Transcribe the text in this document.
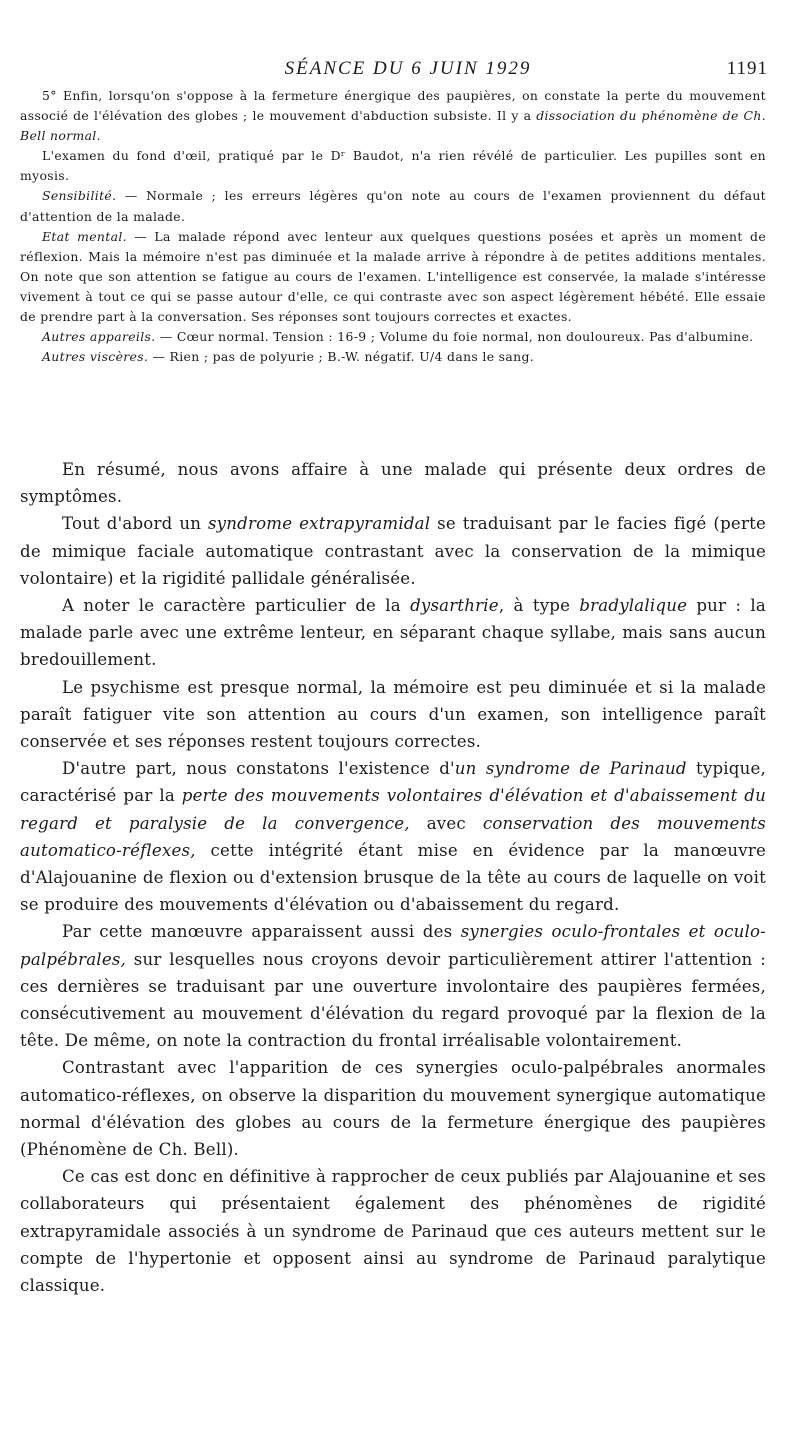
SÉANCE DU 6 JUIN 1929	1191

5° Enfin, lorsqu'on s'oppose à la fermeture énergique des paupières, on constate la perte du mouvement associé de l'élévation des globes ; le mouvement d'abduction subsiste. Il y a dissociation du phénomène de Ch. Bell normal.

L'examen du fond d'œil, pratiqué par le Dʳ Baudot, n'a rien révélé de particulier. Les pupilles sont en myosis.

Sensibilité. — Normale ; les erreurs légères qu'on note au cours de l'examen proviennent du défaut d'attention de la malade.

Etat mental. — La malade répond avec lenteur aux quelques questions posées et après un moment de réflexion. Mais la mémoire n'est pas diminuée et la malade arrive à répondre à de petites additions mentales. On note que son attention se fatigue au cours de l'examen. L'intelligence est conservée, la malade s'intéresse vivement à tout ce qui se passe autour d'elle, ce qui contraste avec son aspect légèrement hébété. Elle essaie de prendre part à la conversation. Ses réponses sont toujours correctes et exactes.

Autres appareils. — Cœur normal. Tension : 16-9 ; Volume du foie normal, non douloureux. Pas d'albumine.

Autres viscères. — Rien ; pas de polyurie ; B.-W. négatif. U/4 dans le sang.

En résumé, nous avons affaire à une malade qui présente deux ordres de symptômes.

Tout d'abord un syndrome extrapyramidal se traduisant par le facies figé (perte de mimique faciale automatique contrastant avec la conservation de la mimique volontaire) et la rigidité pallidale généralisée.

A noter le caractère particulier de la dysarthrie, à type bradylalique pur : la malade parle avec une extrême lenteur, en séparant chaque syllabe, mais sans aucun bredouillement.

Le psychisme est presque normal, la mémoire est peu diminuée et si la malade paraît fatiguer vite son attention au cours d'un examen, son intelligence paraît conservée et ses réponses restent toujours correctes.

D'autre part, nous constatons l'existence d'un syndrome de Parinaud typique, caractérisé par la perte des mouvements volontaires d'élévation et d'abaissement du regard et paralysie de la convergence, avec conservation des mouvements automatico-réflexes, cette intégrité étant mise en évidence par la manœuvre d'Alajouanine de flexion ou d'extension brusque de la tête au cours de laquelle on voit se produire des mouvements d'élévation ou d'abaissement du regard.

Par cette manœuvre apparaissent aussi des synergies oculo-frontales et oculo-palpébrales, sur lesquelles nous croyons devoir particulièrement attirer l'attention : ces dernières se traduisant par une ouverture involontaire des paupières fermées, consécutivement au mouvement d'élévation du regard provoqué par la flexion de la tête. De même, on note la contraction du frontal irréalisable volontairement.

Contrastant avec l'apparition de ces synergies oculo-palpébrales anormales automatico-réflexes, on observe la disparition du mouvement synergique automatique normal d'élévation des globes au cours de la fermeture énergique des paupières (Phénomène de Ch. Bell).

Ce cas est donc en définitive à rapprocher de ceux publiés par Alajouanine et ses collaborateurs qui présentaient également des phénomènes de rigidité extrapyramidale associés à un syndrome de Parinaud que ces auteurs mettent sur le compte de l'hypertonie et opposent ainsi au syndrome de Parinaud paralytique classique.
